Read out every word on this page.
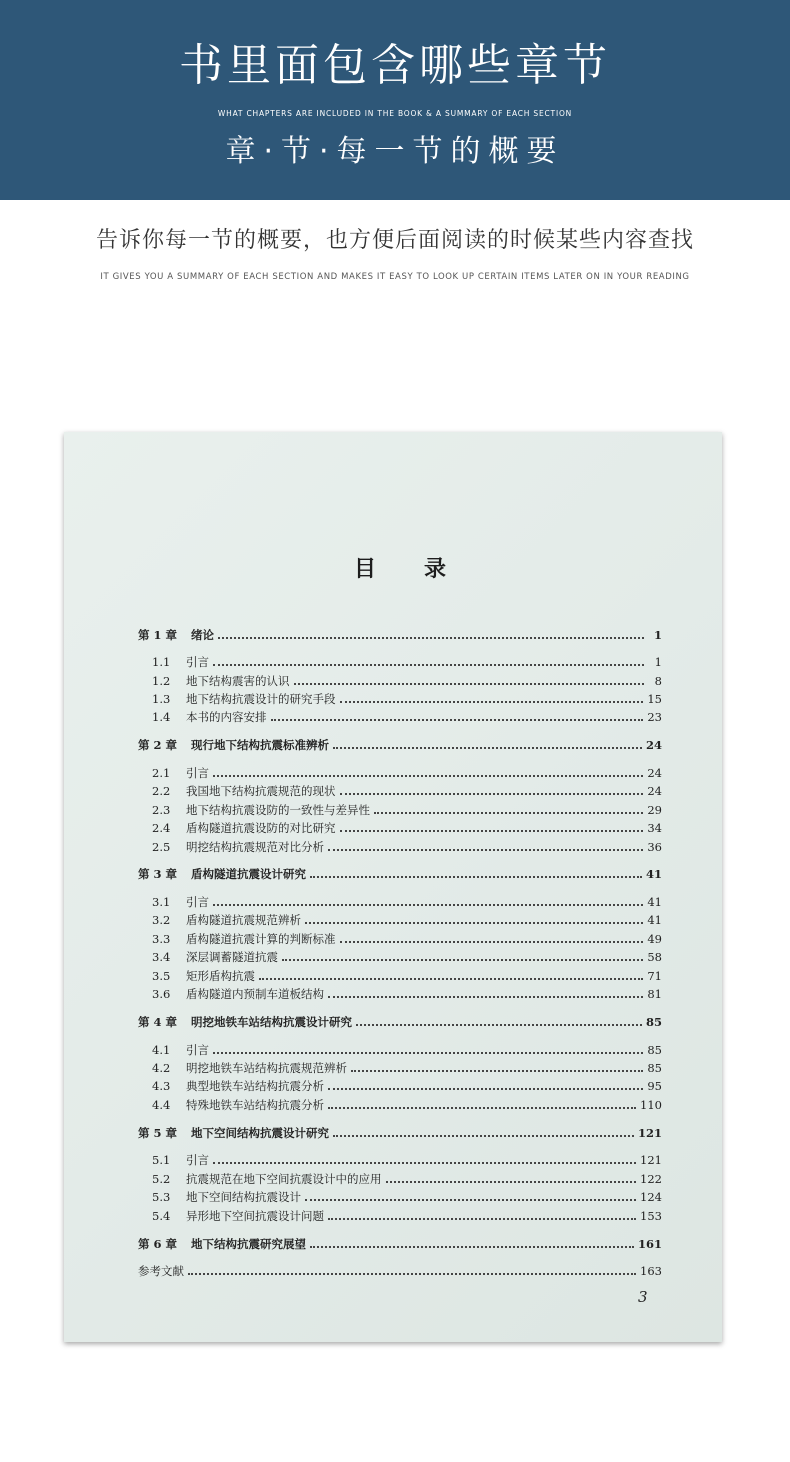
书里面包含哪些章节
WHAT CHAPTERS ARE INCLUDED IN THE BOOK & A SUMMARY OF EACH SECTION
章·节·每一节的概要
告诉你每一节的概要，也方便后面阅读的时候某些内容查找
IT GIVES YOU A SUMMARY OF EACH SECTION AND MAKES IT EASY TO LOOK UP CERTAIN ITEMS LATER ON IN YOUR READING
目 录
第 1 章 绪论	1
1.1	引言	1
1.2	地下结构震害的认识	8
1.3	地下结构抗震设计的研究手段	15
1.4	本书的内容安排	23
第 2 章 现行地下结构抗震标准辨析	24
2.1	引言	24
2.2	我国地下结构抗震规范的现状	24
2.3	地下结构抗震设防的一致性与差异性	29
2.4	盾构隧道抗震设防的对比研究	34
2.5	明挖结构抗震规范对比分析	36
第 3 章 盾构隧道抗震设计研究	41
3.1	引言	41
3.2	盾构隧道抗震规范辨析	41
3.3	盾构隧道抗震计算的判断标准	49
3.4	深层调蓄隧道抗震	58
3.5	矩形盾构抗震	71
3.6	盾构隧道内预制车道板结构	81
第 4 章 明挖地铁车站结构抗震设计研究	85
4.1	引言	85
4.2	明挖地铁车站结构抗震规范辨析	85
4.3	典型地铁车站结构抗震分析	95
4.4	特殊地铁车站结构抗震分析	110
第 5 章 地下空间结构抗震设计研究	121
5.1	引言	121
5.2	抗震规范在地下空间抗震设计中的应用	122
5.3	地下空间结构抗震设计	124
5.4	异形地下空间抗震设计问题	153
第 6 章 地下结构抗震研究展望	161
参考文献	163
3
